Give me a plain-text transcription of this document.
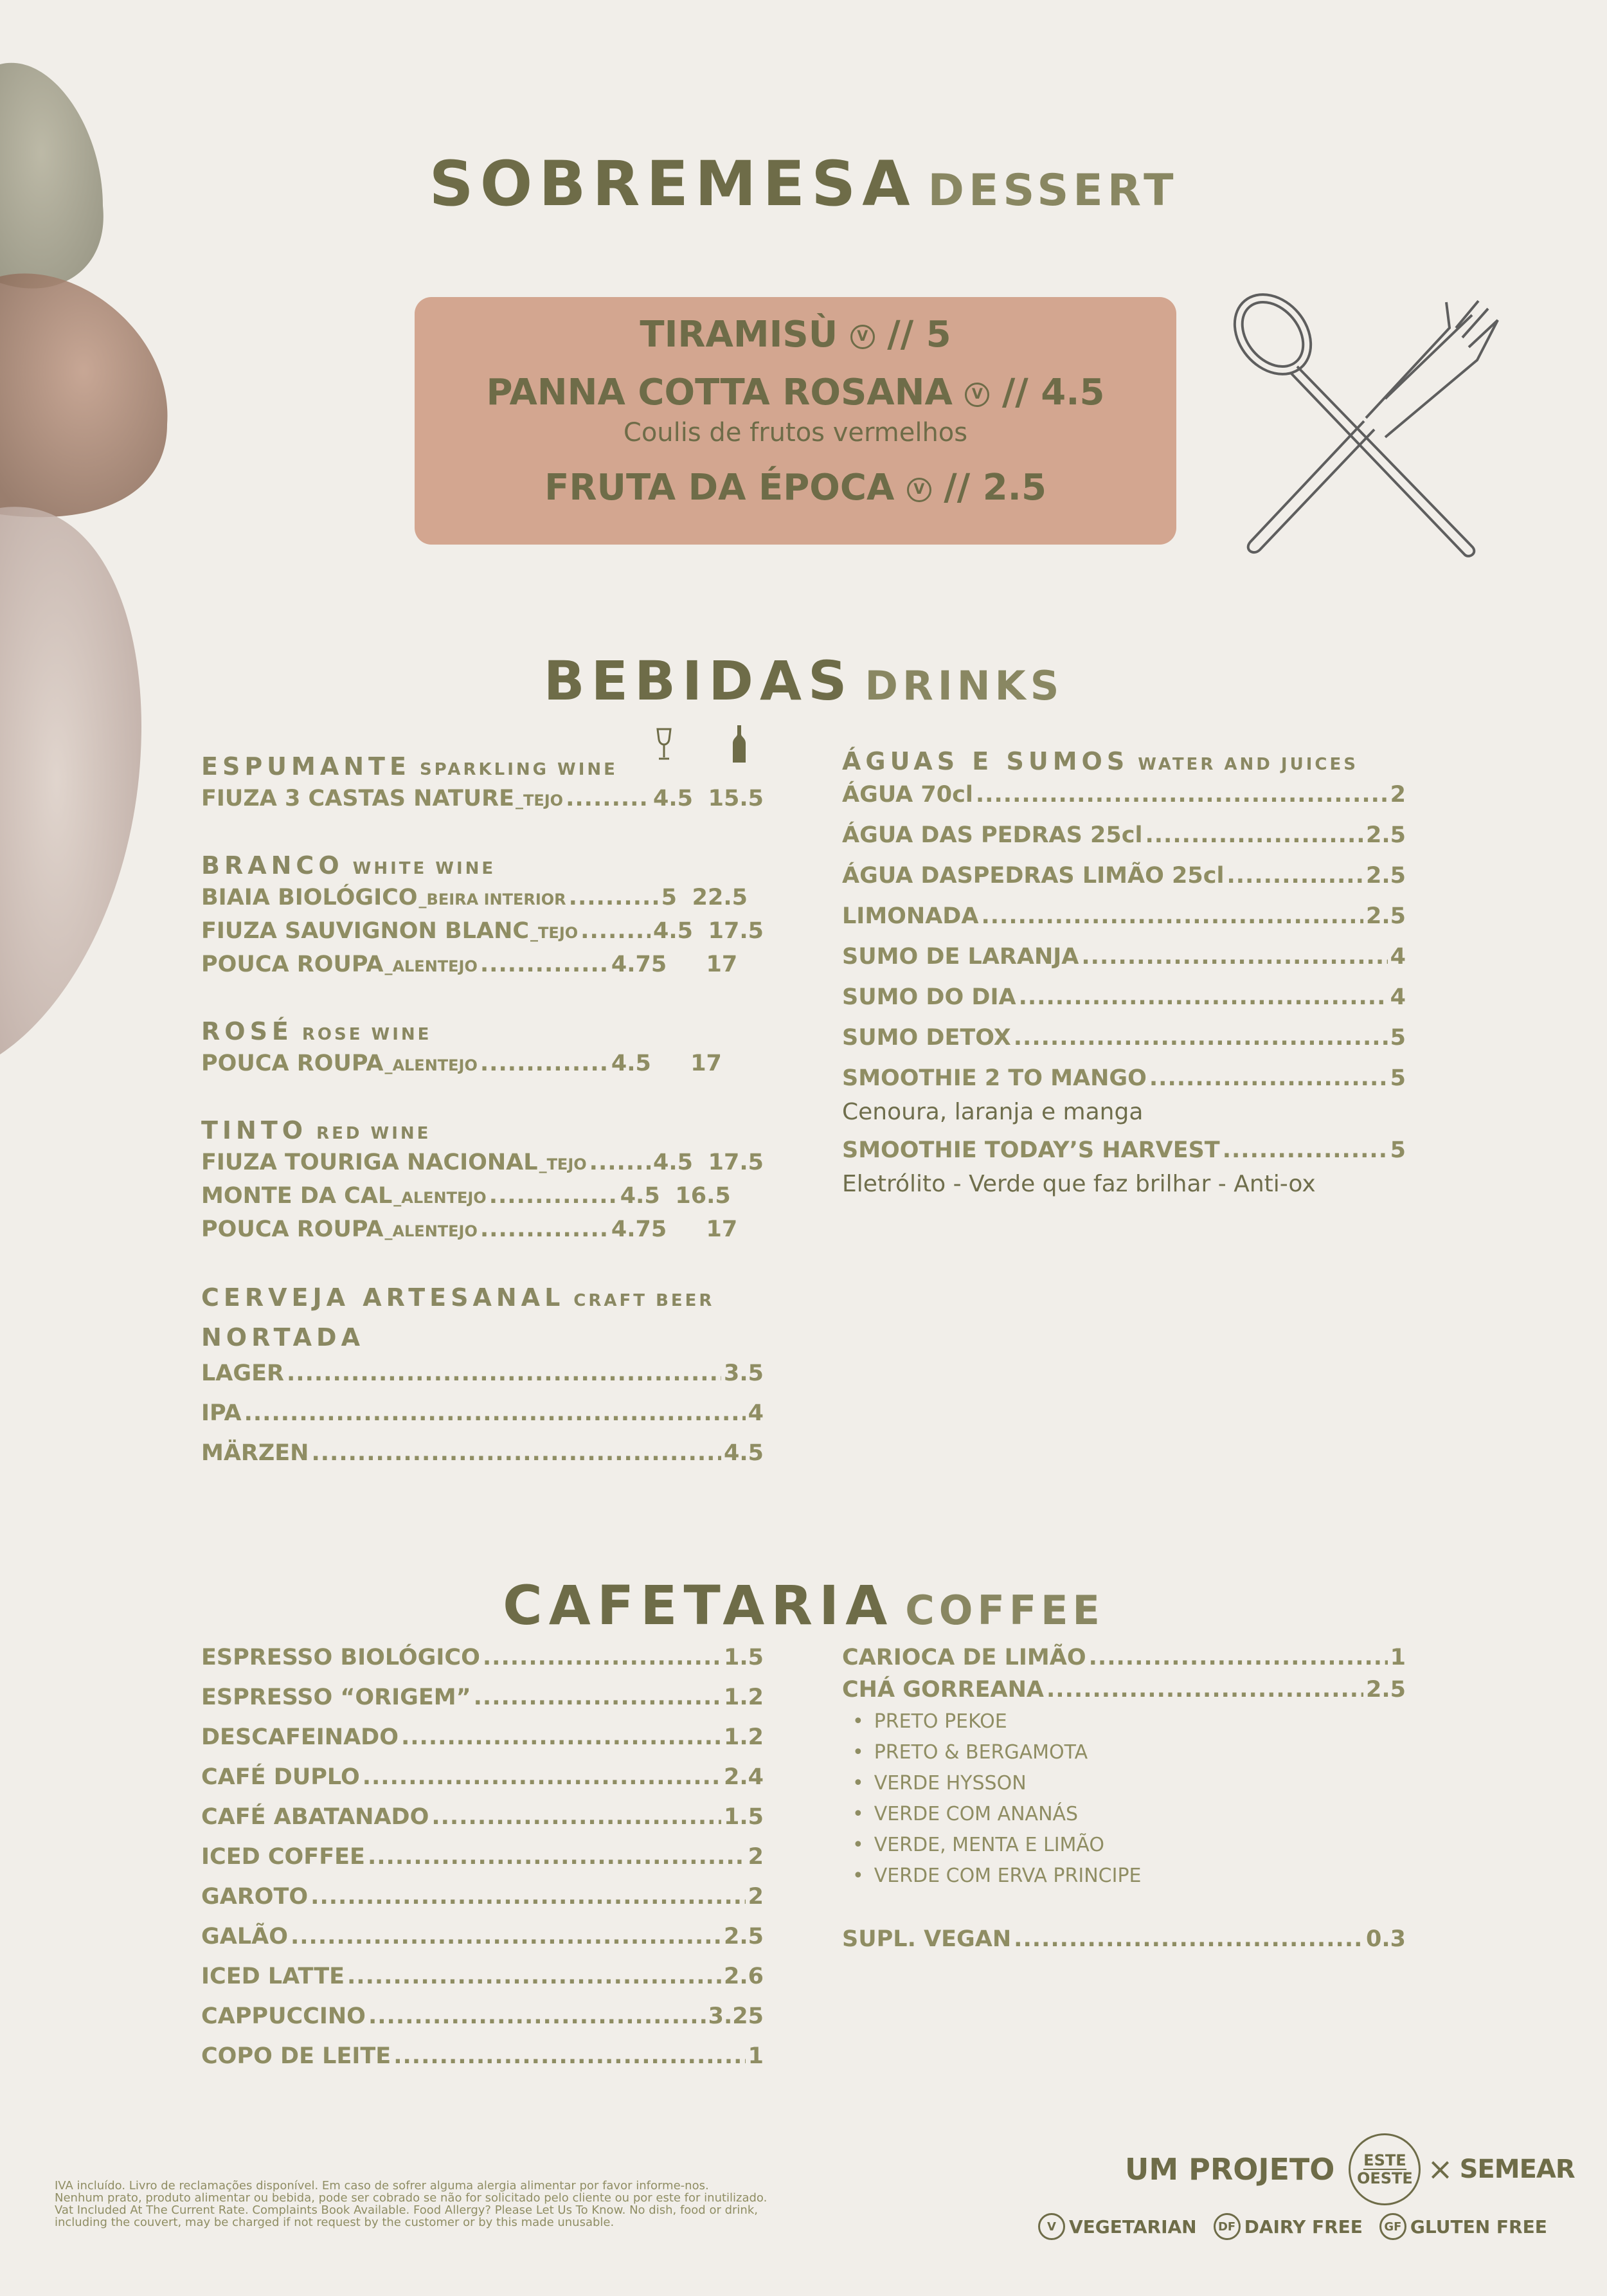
SOBREMESA DESSERT
TIRAMISÙ V // 5
PANNA COTTA ROSANA V // 4.5
Coulis de frutos vermelhos
FRUTA DA ÉPOCA V // 2.5
BEBIDAS DRINKS
ESPUMANTE SPARKLING WINE
FIUZA 3 CASTAS NATURE _TEJO .....	4.5 15.5
BRANCO WHITE WINE
BIAIA BIOLÓGICO _BEIRA INTERIOR .....	5 22.5
FIUZA SAUVIGNON BLANC _TEJO .....	4.5 17.5
POUCA ROUPA _ALENTEJO .....	4.75	17
ROSÉ ROSE WINE
POUCA ROUPA _ALENTEJO .....	4.5	17
TINTO RED WINE
FIUZA TOURIGA NACIONAL _TEJO .....	4.5 17.5
MONTE DA CAL _ALENTEJO .....	4.5 16.5
POUCA ROUPA _ALENTEJO .....	4.75	17
CERVEJA ARTESANAL CRAFT BEER
NORTADA
LAGER .....	3.5
IPA .....	4
MÄRZEN .....	4.5
ÁGUAS E SUMOS WATER AND JUICES
ÁGUA 70cl .....	2
ÁGUA DAS PEDRAS 25cl .....	2.5
ÁGUA DASPEDRAS LIMÃO 25cl .....	2.5
LIMONADA .....	2.5
SUMO DE LARANJA .....	4
SUMO DO DIA .....	4
SUMO DETOX .....	5
SMOOTHIE 2 TO MANGO .....	5
Cenoura, laranja e manga
SMOOTHIE TODAY’S HARVEST .....	5
Eletrólito - Verde que faz brilhar - Anti-ox
CAFETARIA COFFEE
ESPRESSO BIOLÓGICO .....	1.5
ESPRESSO “ORIGEM” .....	1.2
DESCAFEINADO .....	1.2
CAFÉ DUPLO .....	2.4
CAFÉ ABATANADO .....	1.5
ICED COFFEE .....	2
GAROTO .....	2
GALÃO .....	2.5
ICED LATTE .....	2.6
CAPPUCCINO .....	3.25
COPO DE LEITE .....	1
CARIOCA DE LIMÃO .....	1
CHÁ GORREANA .....	2.5
• PRETO PEKOE
• PRETO & BERGAMOTA
• VERDE HYSSON
• VERDE COM ANANÁS
• VERDE, MENTA E LIMÃO
• VERDE COM ERVA PRINCIPE
SUPL. VEGAN .....	0.3
IVA incluído. Livro de reclamações disponível. Em caso de sofrer alguma alergia alimentar por favor informe-nos.
Nenhum prato, produto alimentar ou bebida, pode ser cobrado se não for solicitado pelo cliente ou por este for inutilizado.
Vat Included At The Current Rate. Complaints Book Available. Food Allergy? Please Let Us To Know. No dish, food or drink,
including the couvert, may be charged if not request by the customer or by this made unusable.
UM PROJETO ESTE
OESTE × SEMEAR
V VEGETARIAN	DF DAIRY FREE	GF GLUTEN FREE
